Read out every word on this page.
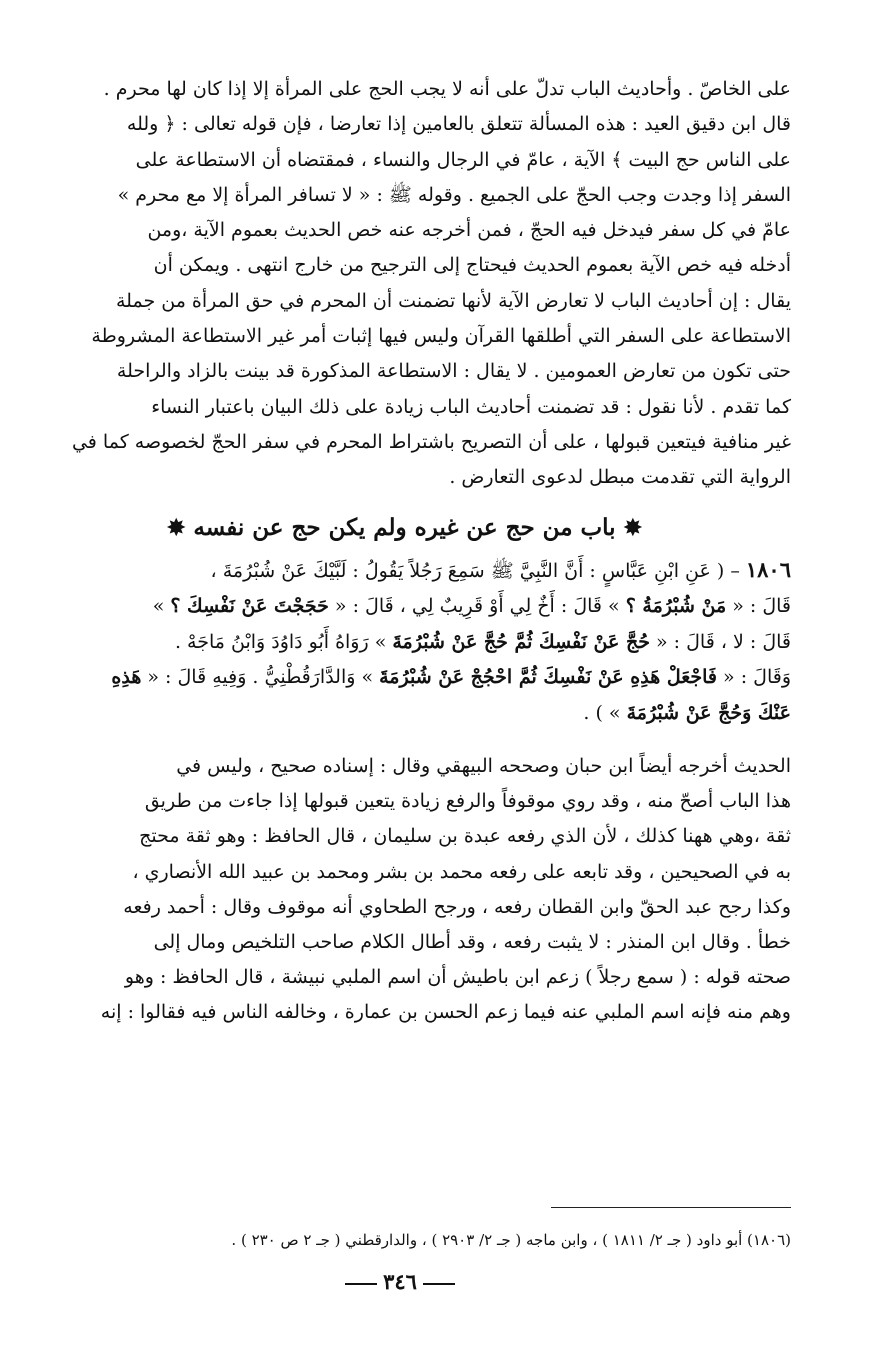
على الخاصّ . وأحاديث الباب تدلّ على أنه لا يجب الحج على المرأة إلا إذا كان لها محرم .
قال ابن دقيق العيد : هذه المسألة تتعلق بالعامين إذا تعارضا ، فإن قوله تعالى : ﴿ ولله
على الناس حج البيت ﴾ الآية ، عامّ في الرجال والنساء ، فمقتضاه أن الاستطاعة على
السفر إذا وجدت وجب الحجّ على الجميع . وقوله ﷺ : « لا تسافر المرأة إلا مع محرم »
عامّ في كل سفر فيدخل فيه الحجّ ، فمن أخرجه عنه خص الحديث بعموم الآية ،ومن
أدخله فيه خص الآية بعموم الحديث فيحتاج إلى الترجيح من خارج انتهى . ويمكن أن
يقال : إن أحاديث الباب لا تعارض الآية لأنها تضمنت أن المحرم في حق المرأة من جملة
الاستطاعة على السفر التي أطلقها القرآن وليس فيها إثبات أمر غير الاستطاعة المشروطة
حتى تكون من تعارض العمومين . لا يقال : الاستطاعة المذكورة قد بينت بالزاد والراحلة
كما تقدم . لأنا نقول : قد تضمنت أحاديث الباب زيادة على ذلك البيان باعتبار النساء
غير منافية فيتعين قبولها ، على أن التصريح باشتراط المحرم في سفر الحجّ لخصوصه كما في
الرواية التي تقدمت مبطل لدعوى التعارض .

✸ باب من حج عن غيره ولم يكن حج عن نفسه ✸

١٨٠٦ – ( عَنِ ابْنِ عَبَّاسٍ : أَنَّ النَّبِيَّ ﷺ سَمِعَ رَجُلاً يَقُولُ : لَبَّيْكَ عَنْ شُبْرُمَةَ ،
قَالَ : « مَنْ شُبْرُمَةُ ؟ » قَالَ : أَخٌ لِي أَوْ قَرِيبٌ لِي ، قَالَ : « حَجَجْتَ عَنْ نَفْسِكَ ؟ »
قَالَ : لا ، قَالَ : « حُجَّ عَنْ نَفْسِكَ ثُمَّ حُجَّ عَنْ شُبْرُمَةَ » رَوَاهُ أَبُو دَاوُدَ وَابْنُ مَاجَهْ .
وَقَالَ : « فَاجْعَلْ هَذِهِ عَنْ نَفْسِكَ ثُمَّ احْجُجْ عَنْ شُبْرُمَةَ » وَالدَّارَقُطْنِيُّ . وَفِيهِ قَالَ : « هَذِهِ
عَنْكَ وَحُجَّ عَنْ شُبْرُمَةَ » ) .

الحديث أخرجه أيضاً ابن حبان وصححه البيهقي وقال : إسناده صحيح ، وليس في
هذا الباب أصحّ منه ، وقد روي موقوفاً والرفع زيادة يتعين قبولها إذا جاءت من طريق
ثقة ،وهي ههنا كذلك ، لأن الذي رفعه عبدة بن سليمان ، قال الحافظ : وهو ثقة محتج
به في الصحيحين ، وقد تابعه على رفعه محمد بن بشر ومحمد بن عبيد الله الأنصاري ،
وكذا رجح عبد الحقّ وابن القطان رفعه ، ورجح الطحاوي أنه موقوف وقال : أحمد رفعه
خطأ . وقال ابن المنذر : لا يثبت رفعه ، وقد أطال الكلام صاحب التلخيص ومال إلى
صحته قوله : ( سمع رجلاً ) زعم ابن باطيش أن اسم الملبي نبيشة ، قال الحافظ : وهو
وهم منه فإنه اسم الملبي عنه فيما زعم الحسن بن عمارة ، وخالفه الناس فيه فقالوا : إنه

(١٨٠٦) أبو داود ( جـ ٢/ ١٨١١ ) ، وابن ماجه ( جـ ٢/ ٢٩٠٣ ) ، والدارقطني ( جـ ٢ ص ٢٣٠ ) .
٣٤٦
